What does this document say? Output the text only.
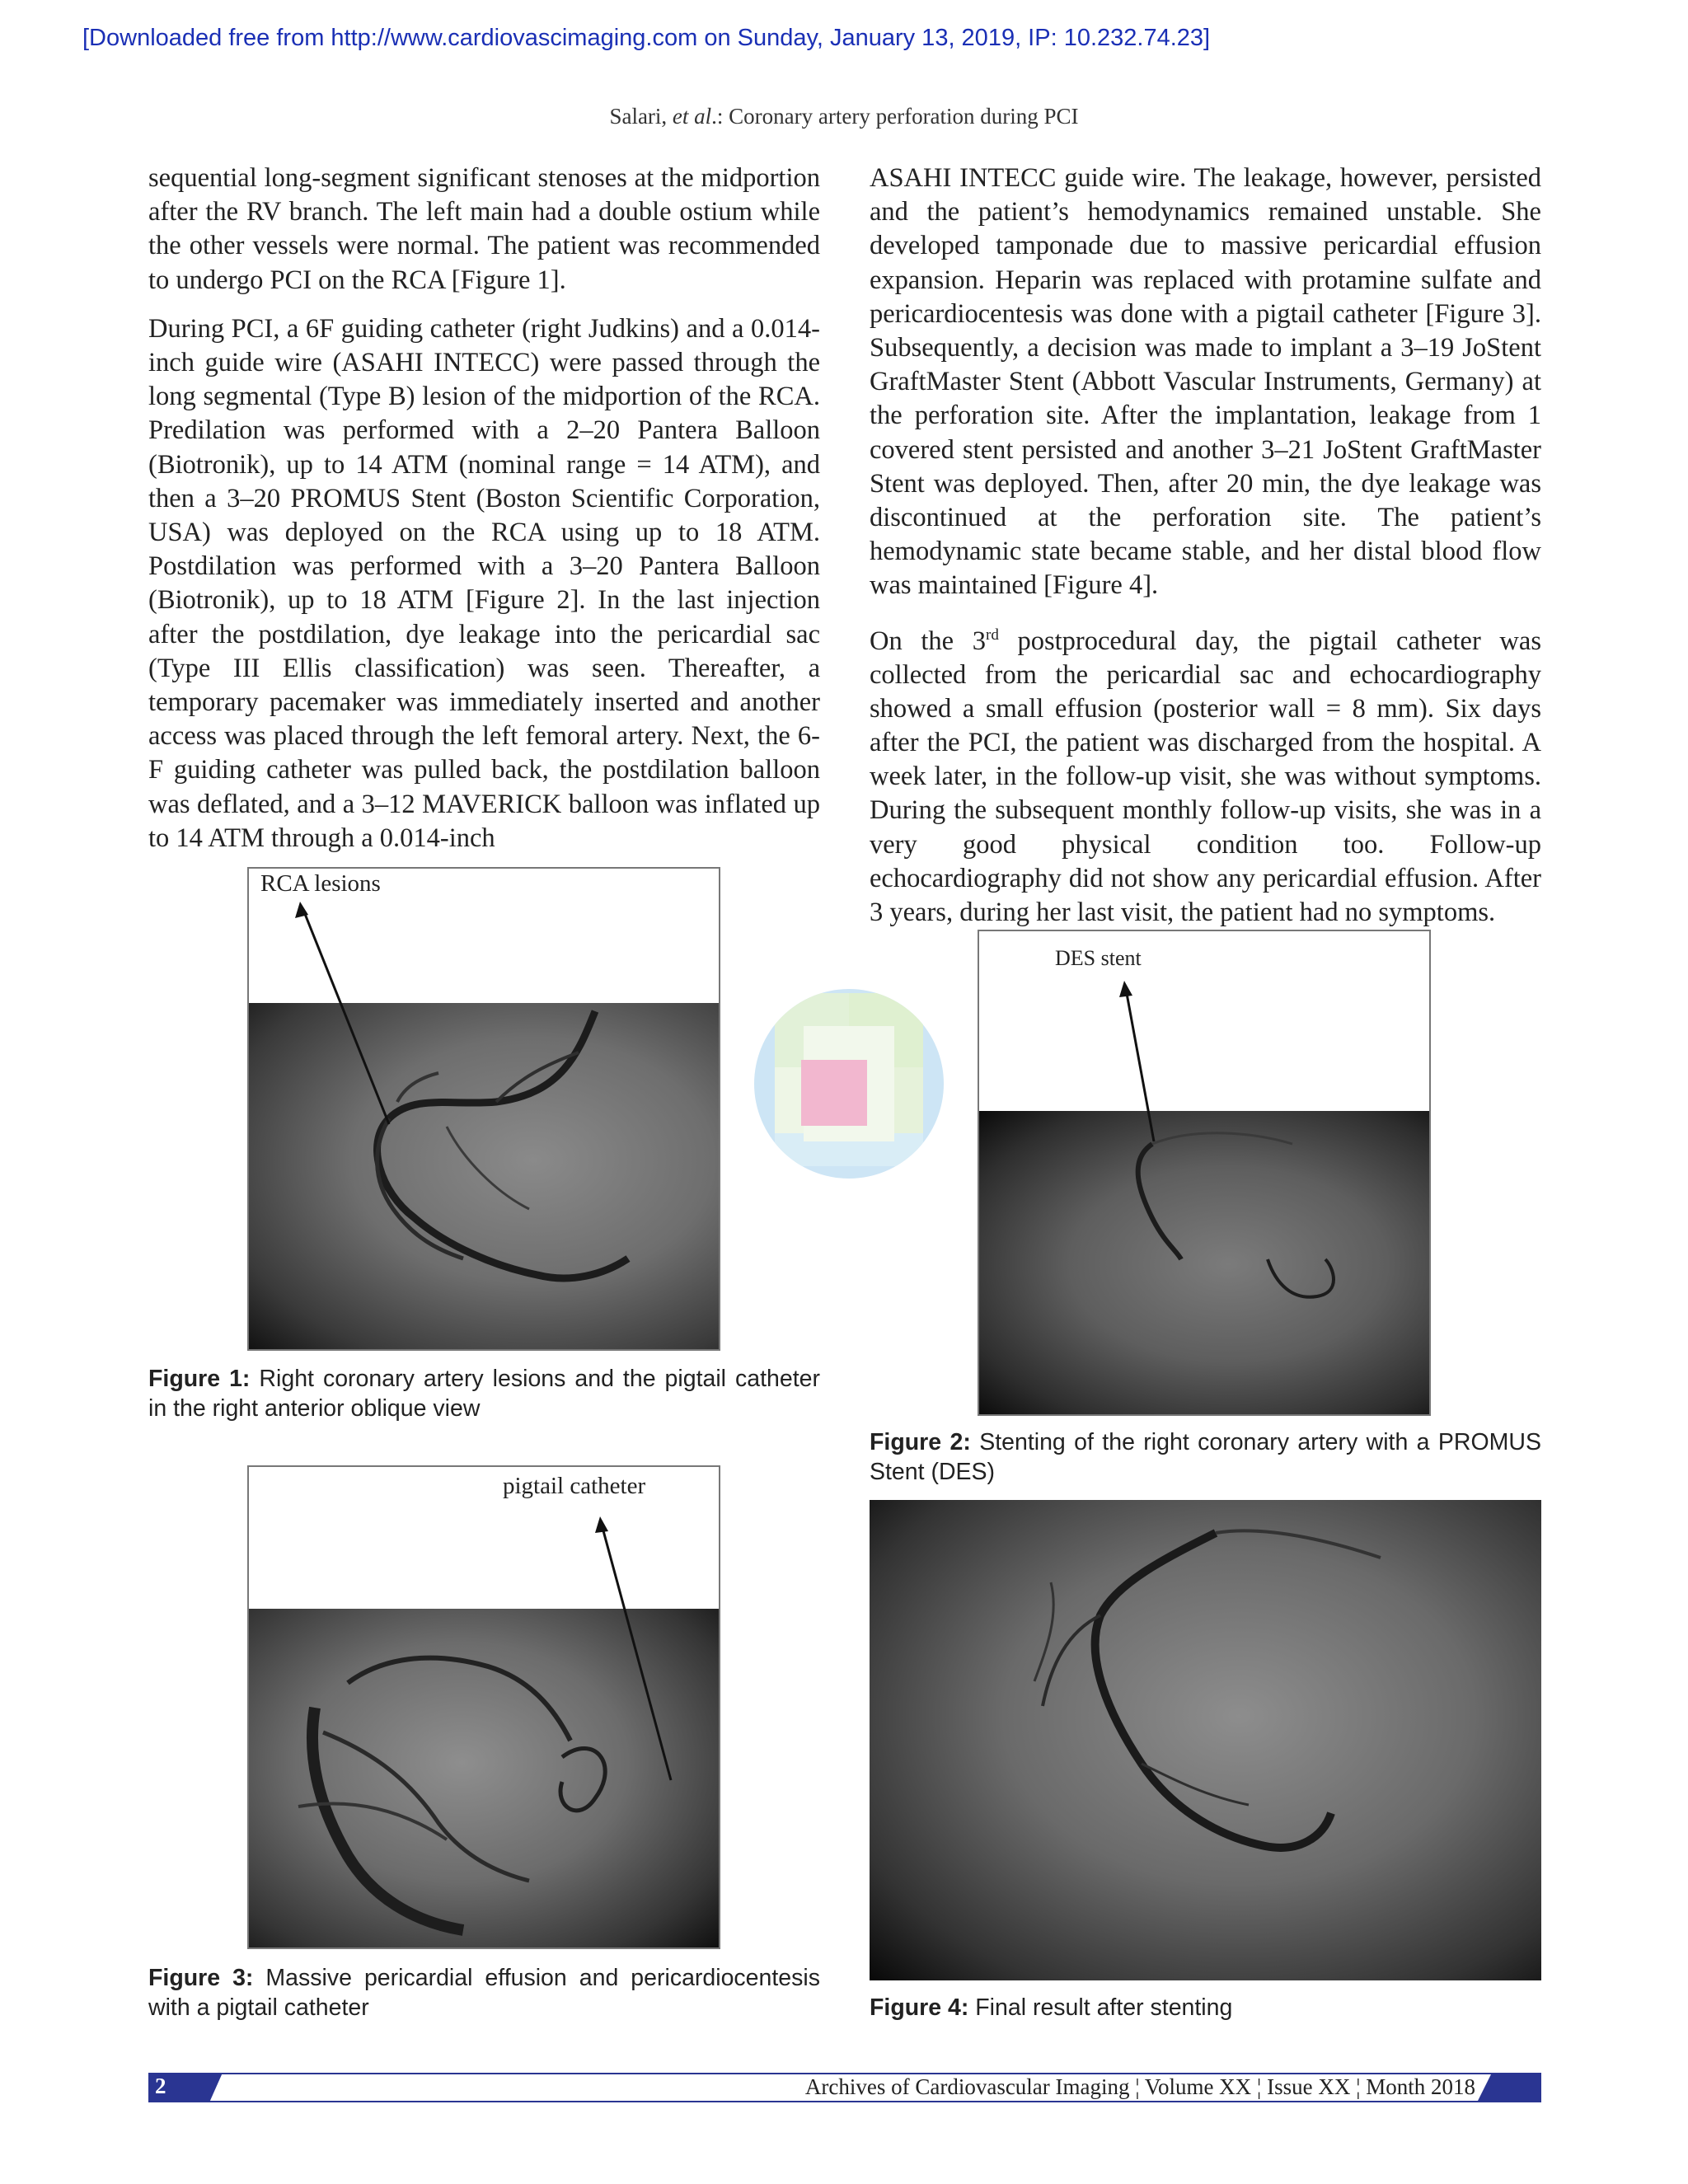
[Downloaded free from http://www.cardiovascimaging.com on Sunday, January 13, 2019, IP: 10.232.74.23]
Salari, et al.: Coronary artery perforation during PCI

sequential long-segment significant stenoses at the midportion after the RV branch. The left main had a double ostium while the other vessels were normal. The patient was recommended to undergo PCI on the RCA [Figure 1].

During PCI, a 6F guiding catheter (right Judkins) and a 0.014-inch guide wire (ASAHI INTECC) were passed through the long segmental (Type B) lesion of the midportion of the RCA. Predilation was performed with a 2–20 Pantera Balloon (Biotronik), up to 14 ATM (nominal range = 14 ATM), and then a 3–20 PROMUS Stent (Boston Scientific Corporation, USA) was deployed on the RCA using up to 18 ATM. Postdilation was performed with a 3–20 Pantera Balloon (Biotronik), up to 18 ATM [Figure 2]. In the last injection after the postdilation, dye leakage into the pericardial sac (Type III Ellis classification) was seen. Thereafter, a temporary pacemaker was immediately inserted and another access was placed through the left femoral artery. Next, the 6-F guiding catheter was pulled back, the postdilation balloon was deflated, and a 3–12 MAVERICK balloon was inflated up to 14 ATM through a 0.014-inch

ASAHI INTECC guide wire. The leakage, however, persisted and the patient’s hemodynamics remained unstable. She developed tamponade due to massive pericardial effusion expansion. Heparin was replaced with protamine sulfate and pericardiocentesis was done with a pigtail catheter [Figure 3]. Subsequently, a decision was made to implant a 3–19 JoStent GraftMaster Stent (Abbott Vascular Instruments, Germany) at the perforation site. After the implantation, leakage from 1 covered stent persisted and another 3–21 JoStent GraftMaster Stent was deployed. Then, after 20 min, the dye leakage was discontinued at the perforation site. The patient’s hemodynamic state became stable, and her distal blood flow was maintained [Figure 4].

On the 3rd postprocedural day, the pigtail catheter was collected from the pericardial sac and echocardiography showed a small effusion (posterior wall = 8 mm). Six days after the PCI, the patient was discharged from the hospital. A week later, in the follow-up visit, she was without symptoms. During the subsequent monthly follow-up visits, she was in a very good physical condition too. Follow-up echocardiography did not show any pericardial effusion. After 3 years, during her last visit, the patient had no symptoms.

RCA lesions
Figure 1: Right coronary artery lesions and the pigtail catheter in the right anterior oblique view
DES stent
Figure 2: Stenting of the right coronary artery with a PROMUS Stent (DES)
pigtail catheter
Figure 3: Massive pericardial effusion and pericardiocentesis with a pigtail catheter	Figure 4: Final result after stenting
2	Archives of Cardiovascular Imaging ¦ Volume XX ¦ Issue XX ¦ Month 2018
